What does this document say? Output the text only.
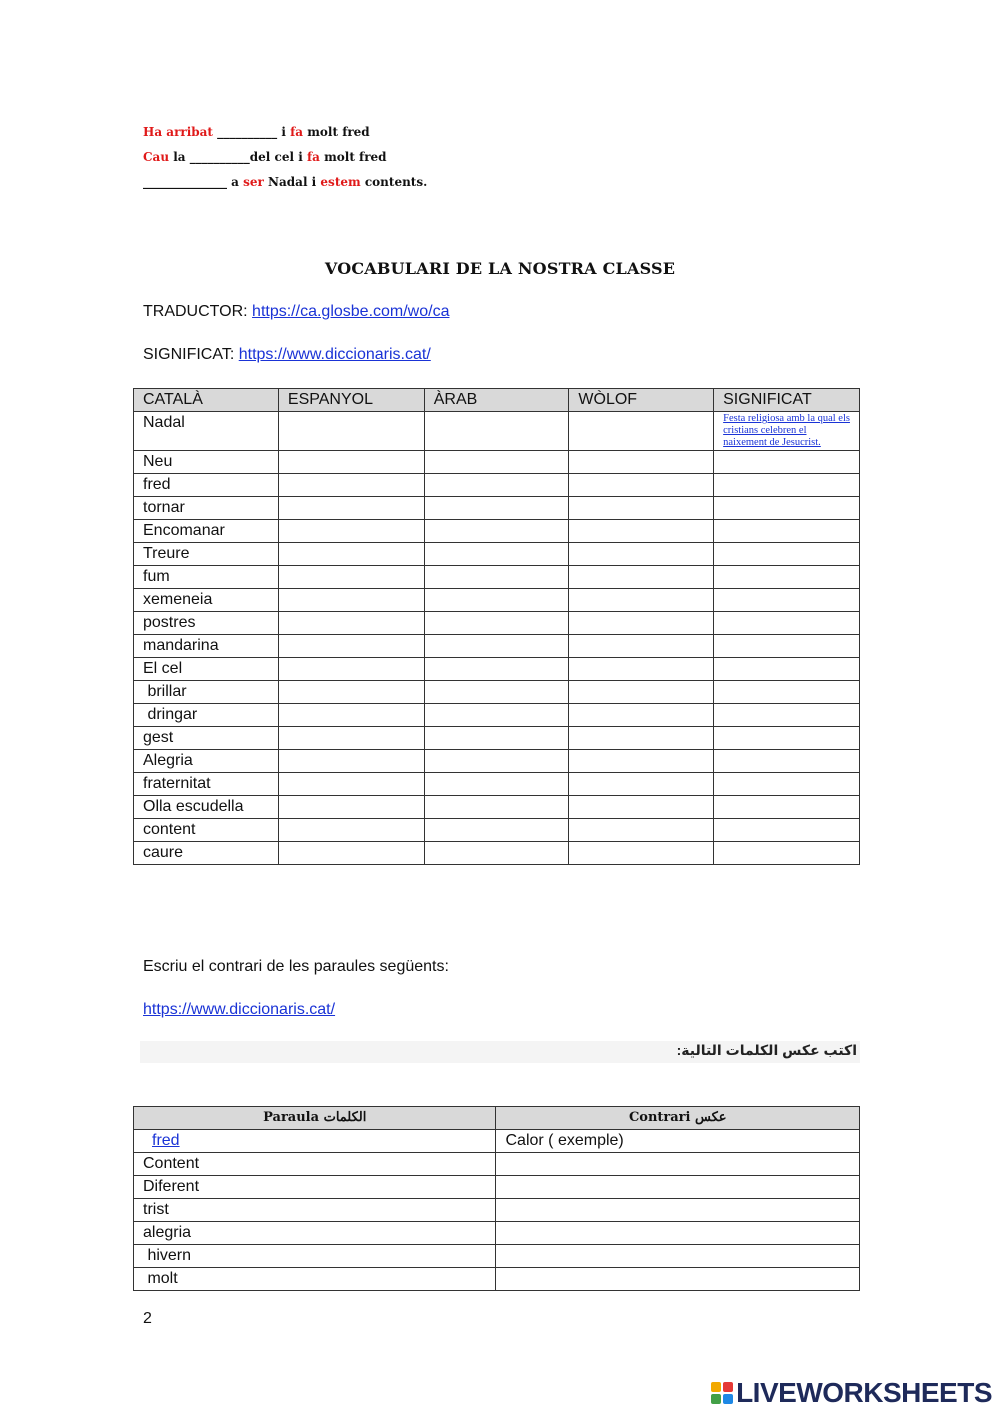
Ha arribat __________ i fa molt fred
Cau la __________del cel i fa molt fred
______________ a ser Nadal i estem contents.
VOCABULARI DE LA NOSTRA CLASSE
TRADUCTOR: https://ca.glosbe.com/wo/ca
SIGNIFICAT: https://www.diccionaris.cat/
CATALÀ	ESPANYOL	ÀRAB	WÒLOF	SIGNIFICAT
Nadal				Festa religiosa amb la qual els cristians celebren el naixement de Jesucrist.
Neu				
fred				
tornar				
Encomanar				
Treure				
fum				
xemeneia				
postres				
mandarina				
El cel				
brillar				
dringar				
gest				
Alegria				
fraternitat				
Olla escudella				
content				
caure				
Escriu el contrari de les paraules següents:
https://www.diccionaris.cat/
اكتب عكس الكلمات التالية:
Paraula الكلمات	Contrari عكس
fred	Calor ( exemple)
Content	
Diferent	
trist	
alegria	
hivern	
molt	
2
LIVEWORKSHEETS
